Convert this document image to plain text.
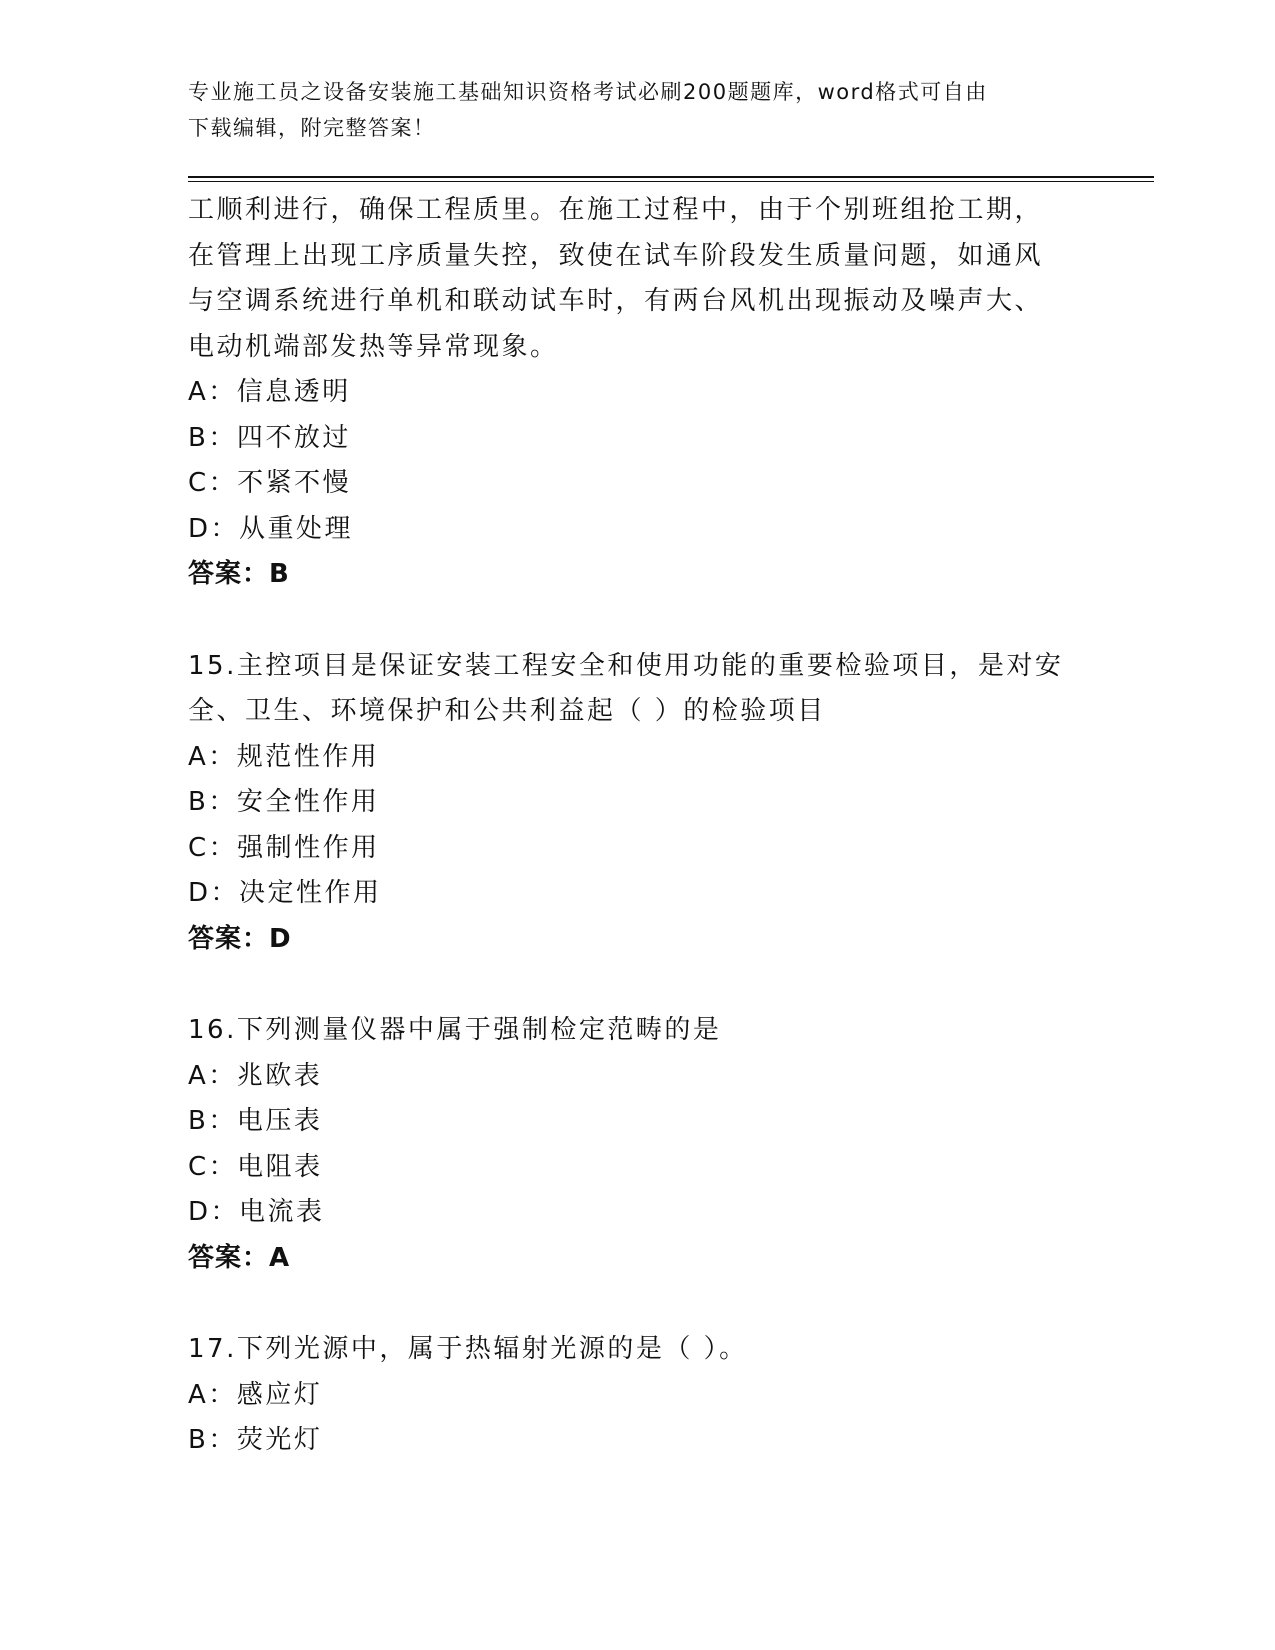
专业施工员之设备安装施工基础知识资格考试必刷200题题库，word格式可自由
下载编辑，附完整答案！
工顺利进行，确保工程质里。在施工过程中，由于个别班组抢工期，
在管理上出现工序质量失控，致使在试车阶段发生质量问题，如通风
与空调系统进行单机和联动试车时，有两台风机出现振动及噪声大、
电动机端部发热等异常现象。
A：信息透明
B：四不放过
C：不紧不慢
D：从重处理
答案：B
15.主控项目是保证安装工程安全和使用功能的重要检验项目，是对安
全、卫生、环境保护和公共利益起（ ）的检验项目
A：规范性作用
B：安全性作用
C：强制性作用
D：决定性作用
答案：D
16.下列测量仪器中属于强制检定范畴的是
A：兆欧表
B：电压表
C：电阻表
D：电流表
答案：A
17.下列光源中，属于热辐射光源的是（ ）。
A：感应灯
B：荧光灯
